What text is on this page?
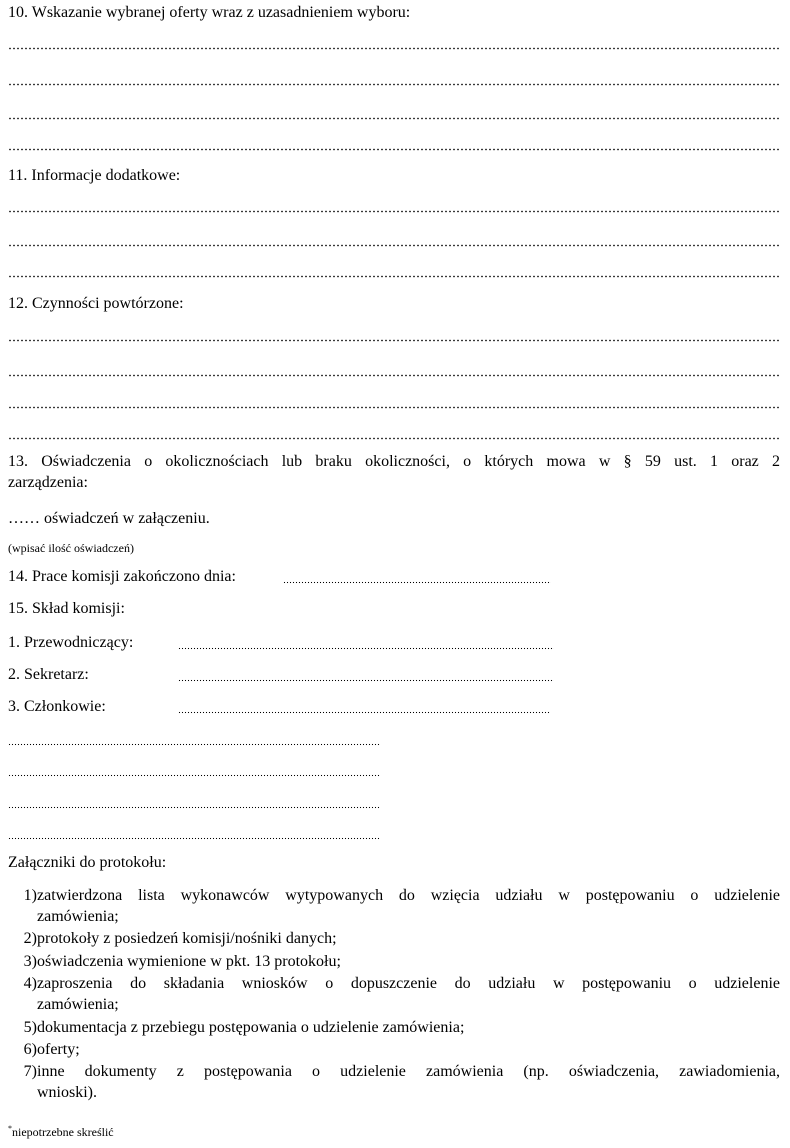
10. Wskazanie wybranej oferty wraz z uzasadnieniem wyboru:
11. Informacje dodatkowe:
12. Czynności powtórzone:
13. Oświadczenia o okolicznościach lub braku okoliczności, o których mowa w § 59 ust. 1 oraz 2
zarządzenia:
…… oświadczeń w załączeniu.
(wpisać ilość oświadczeń)
14. Prace komisji zakończono dnia:
15. Skład komisji:
1. Przewodniczący:
2. Sekretarz:
3. Członkowie:
Załączniki do protokołu:
1) zatwierdzona lista wykonawców wytypowanych do wzięcia udziału w postępowaniu o udzielenie
zamówienia;
2) protokoły z posiedzeń komisji/nośniki danych;
3) oświadczenia wymienione w pkt. 13 protokołu;
4) zaproszenia do składania wniosków o dopuszczenie do udziału w postępowaniu o udzielenie
zamówienia;
5) dokumentacja z przebiegu postępowania o udzielenie zamówienia;
6) oferty;
7) inne dokumenty z postępowania o udzielenie zamówienia (np. oświadczenia, zawiadomienia,
wnioski).
*niepotrzebne skreślić
